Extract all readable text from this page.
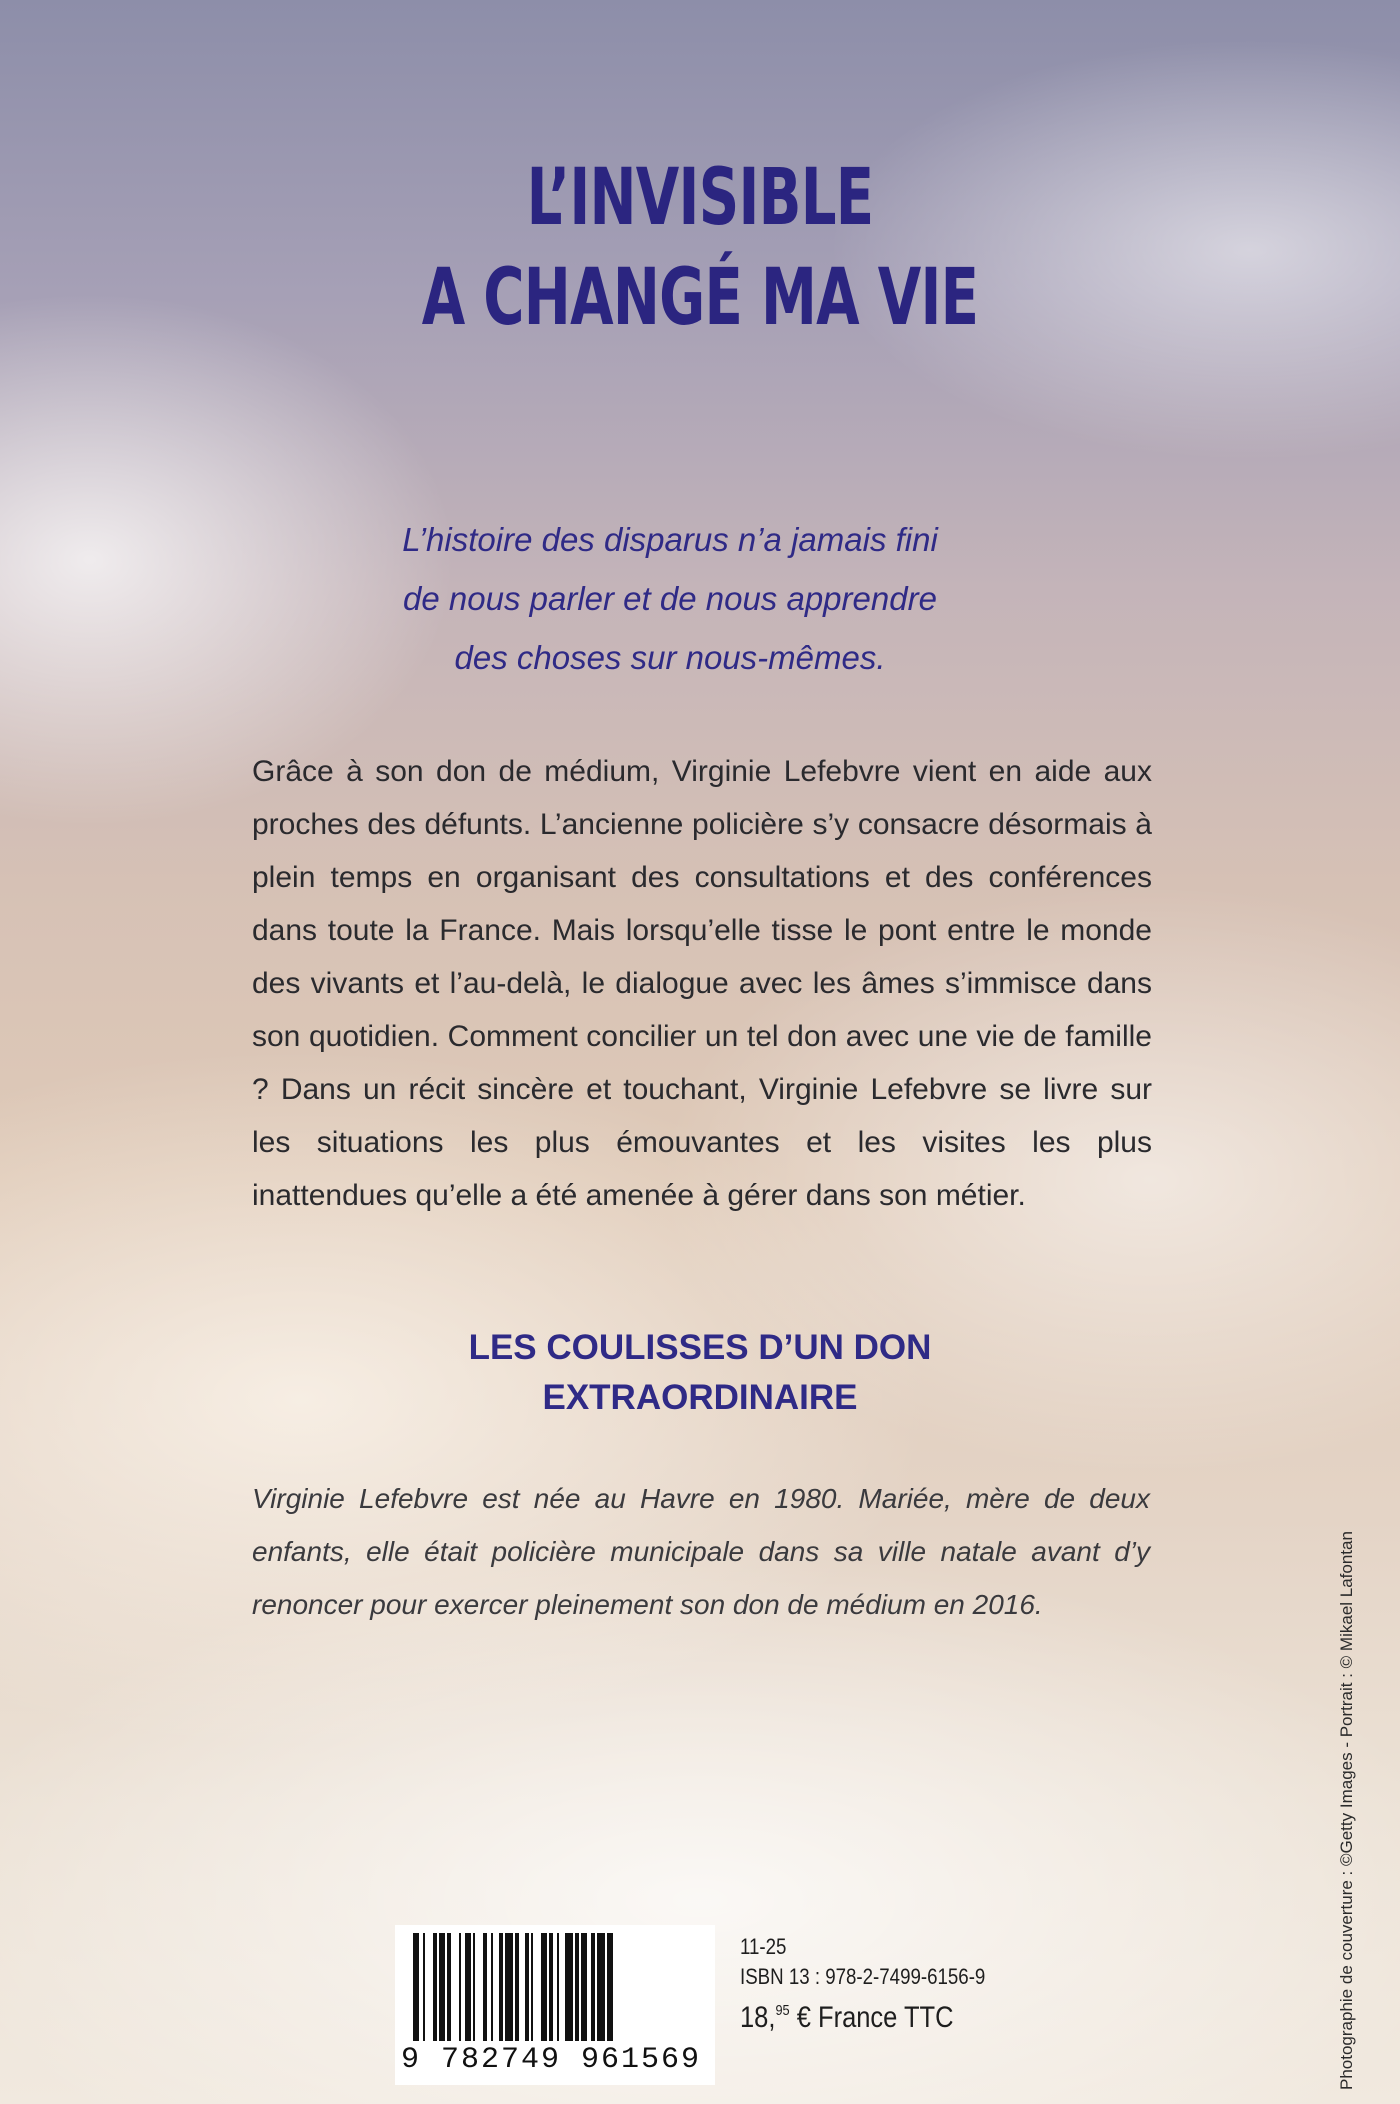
L’INVISIBLE
A CHANGÉ MA VIE

L’histoire des disparus n’a jamais fini
de nous parler et de nous apprendre
des choses sur nous-mêmes.

Grâce à son don de médium, Virginie Lefebvre vient en aide aux proches des défunts. L’ancienne policière s’y consacre désormais à plein temps en organisant des consultations et des conférences dans toute la France. Mais lorsqu’elle tisse le pont entre le monde des vivants et l’au-delà, le dialogue avec les âmes s’immisce dans son quotidien. Comment concilier un tel don avec une vie de famille ? Dans un récit sincère et touchant, Virginie Lefebvre se livre sur les situations les plus émouvantes et les visites les plus inattendues qu’elle a été amenée à gérer dans son métier.

LES COULISSES D’UN DON
EXTRAORDINAIRE

Virginie Lefebvre est née au Havre en 1980. Mariée, mère de deux enfants, elle était policière municipale dans sa ville natale avant d’y renoncer pour exercer pleinement son don de médium en 2016.	Photographie de couverture : ©Getty Images - Portrait : © Mikael Lafontan
9 782749 961569
11-25
ISBN 13 : 978-2-7499-6156-9
18,95 € France TTC
